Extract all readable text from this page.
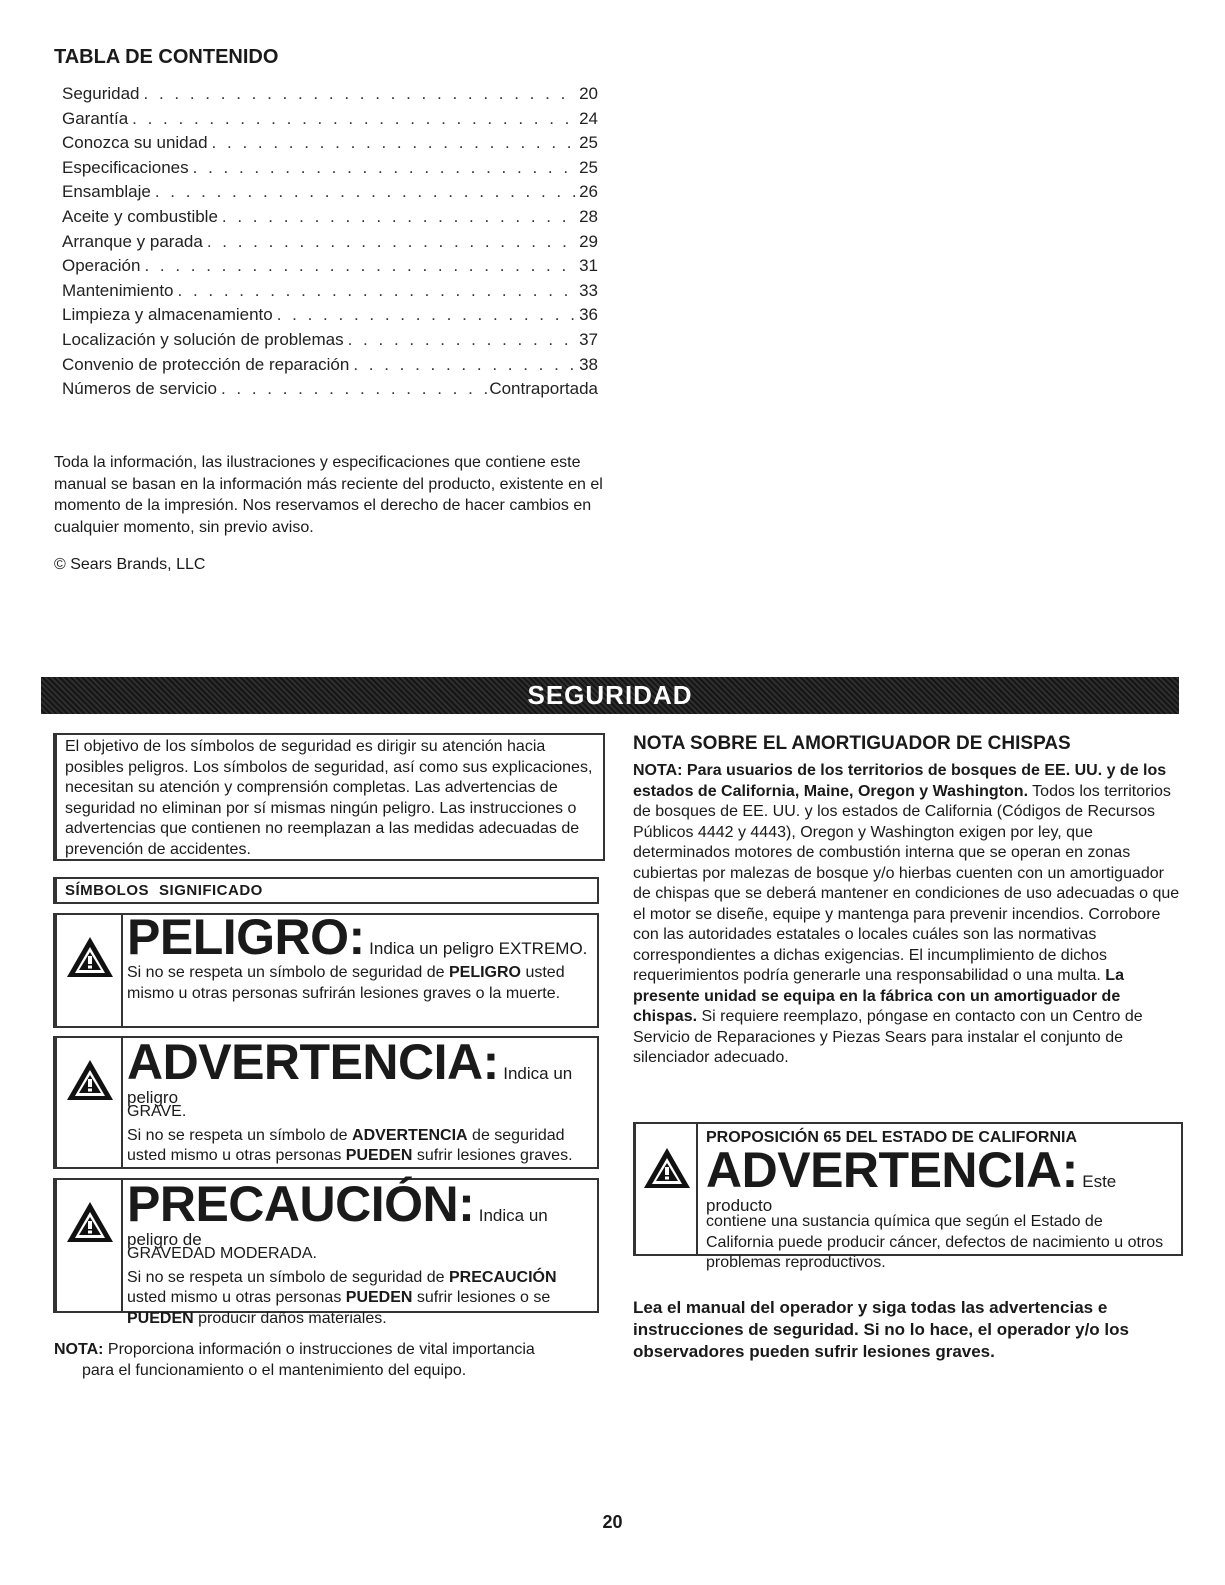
TABLA DE CONTENIDO
Seguridad . . .	20
Garantía . . .	24
Conozca su unidad . . .	25
Especificaciones . . .	25
Ensamblaje . . .	26
Aceite y combustible . . .	28
Arranque y parada . . .	29
Operación . . .	31
Mantenimiento . . .	33
Limpieza y almacenamiento . . .	36
Localización y solución de problemas . . .	37
Convenio de protección de reparación . . .	38
Números de servicio . . .	Contraportada

Toda la información, las ilustraciones y especificaciones que contiene este manual se basan en la información más reciente del producto, existente en el momento de la impresión. Nos reservamos el derecho de hacer cambios en cualquier momento, sin previo aviso.

© Sears Brands, LLC

SEGURIDAD
El objetivo de los símbolos de seguridad es dirigir su atención hacia posibles peligros. Los símbolos de seguridad, así como sus explicaciones, necesitan su atención y comprensión completas. Las advertencias de seguridad no eliminan por sí mismas ningún peligro. Las instrucciones o advertencias que contienen no reemplazan a las medidas adecuadas de prevención de accidentes.
SÍMBOLOS SIGNIFICADO
PELIGRO: Indica un peligro EXTREMO.
Si no se respeta un símbolo de seguridad de PELIGRO usted mismo u otras personas sufrirán lesiones graves o la muerte.
ADVERTENCIA: Indica un peligro
GRAVE.
Si no se respeta un símbolo de ADVERTENCIA de seguridad usted mismo u otras personas PUEDEN sufrir lesiones graves.
PRECAUCIÓN: Indica un peligro de
GRAVEDAD MODERADA.
Si no se respeta un símbolo de seguridad de PRECAUCIÓN usted mismo u otras personas PUEDEN sufrir lesiones o se PUEDEN producir daños materiales.
NOTA: Proporciona información o instrucciones de vital importancia
para el funcionamiento o el mantenimiento del equipo.
NOTA SOBRE EL AMORTIGUADOR DE CHISPAS
NOTA: Para usuarios de los territorios de bosques de EE. UU. y de los estados de California, Maine, Oregon y Washington. Todos los territorios de bosques de EE. UU. y los estados de California (Códigos de Recursos Públicos 4442 y 4443), Oregon y Washington exigen por ley, que determinados motores de combustión interna que se operan en zonas cubiertas por malezas de bosque y/o hierbas cuenten con un amortiguador de chispas que se deberá mantener en condiciones de uso adecuadas o que el motor se diseñe, equipe y mantenga para prevenir incendios. Corrobore con las autoridades estatales o locales cuáles son las normativas correspondientes a dichas exigencias. El incumplimiento de dichos requerimientos podría generarle una responsabilidad o una multa. La presente unidad se equipa en la fábrica con un amortiguador de chispas. Si requiere reemplazo, póngase en contacto con un Centro de Servicio de Reparaciones y Piezas Sears para instalar el conjunto de silenciador adecuado.
PROPOSICIÓN 65 DEL ESTADO DE CALIFORNIA
ADVERTENCIA: Este producto
contiene una sustancia química que según el Estado de California puede producir cáncer, defectos de nacimiento u otros problemas reproductivos.
Lea el manual del operador y siga todas las advertencias e instrucciones de seguridad. Si no lo hace, el operador y/o los observadores pueden sufrir lesiones graves.
20
